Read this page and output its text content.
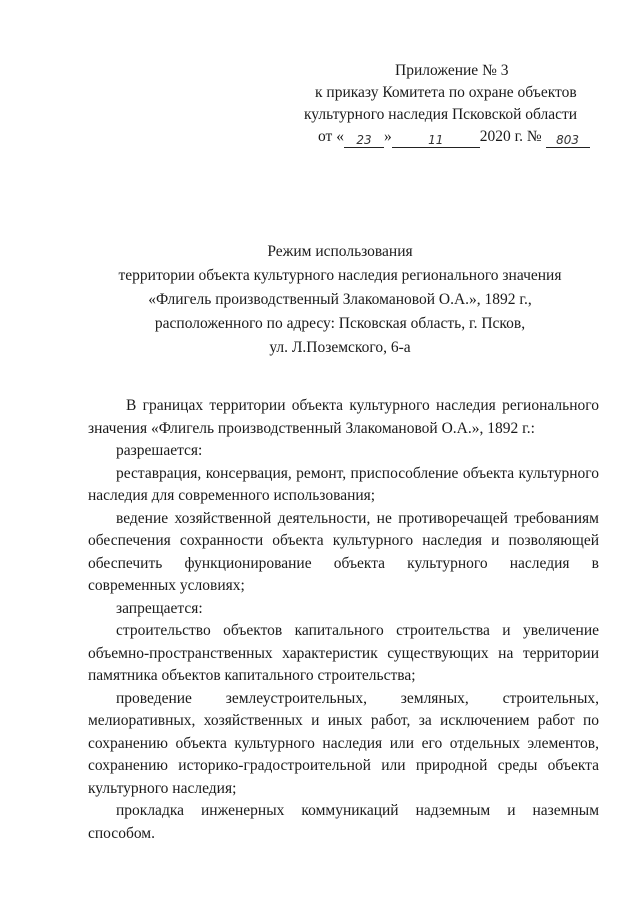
Приложение № 3
к приказу Комитета по охране объектов
культурного наследия Псковской области
от « 23 »	11 2020 г. № 803
Режим использования
территории объекта культурного наследия регионального значения
«Флигель производственный Злакомановой О.А.», 1892 г.,
расположенного по адресу: Псковская область, г. Псков,
ул. Л.Поземского, 6-а

В границах территории объекта культурного наследия регионального значения «Флигель производственный Злакомановой О.А.», 1892 г.:

разрешается:

реставрация, консервация, ремонт, приспособление объекта культурного наследия для современного использования;

ведение хозяйственной деятельности, не противоречащей требованиям обеспечения сохранности объекта культурного наследия и позволяющей обеспечить функционирование объекта культурного наследия в современных условиях;

запрещается:

строительство объектов капитального строительства и увеличение объемно-пространственных характеристик существующих на территории памятника объектов капитального строительства;

проведение землеустроительных, земляных, строительных, мелиоративных, хозяйственных и иных работ, за исключением работ по сохранению объекта культурного наследия или его отдельных элементов, сохранению историко-градостроительной или природной среды объекта культурного наследия;

прокладка инженерных коммуникаций надземным и наземным способом.
